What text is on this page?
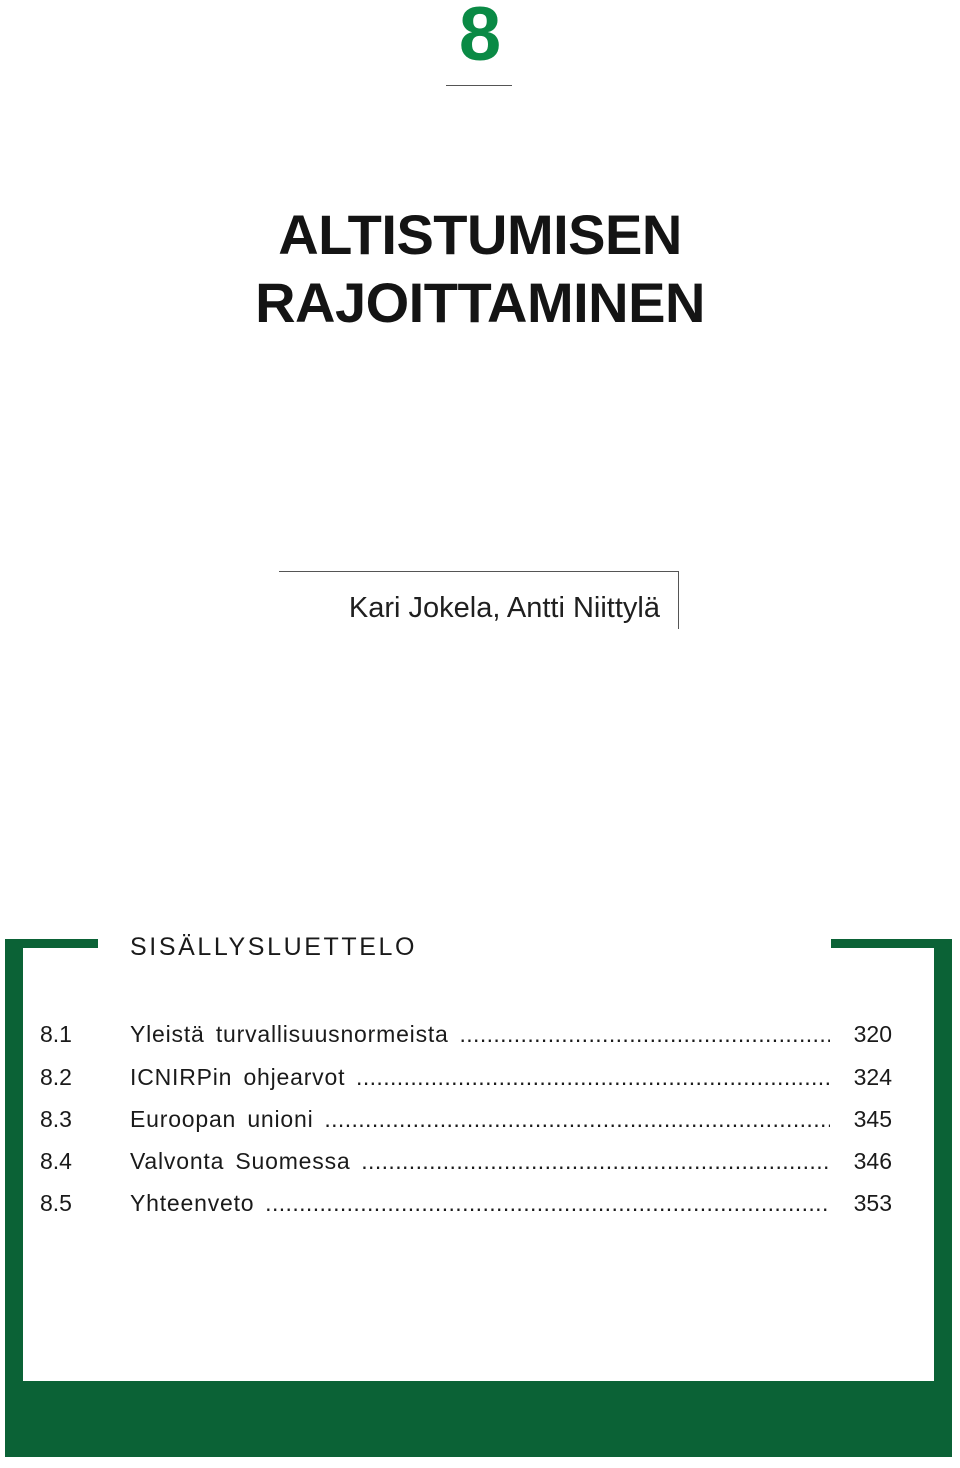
8
ALTISTUMISEN
RAJOITTAMINEN
Kari Jokela, Antti Niittylä
SISÄLLYSLUETTELO
8.1	Yleistä turvallisuusnormeista .....	320
8.2	ICNIRPin ohjearvot .....	324
8.3	Euroopan unioni .....	345
8.4	Valvonta Suomessa .....	346
8.5	Yhteenveto .....	353
